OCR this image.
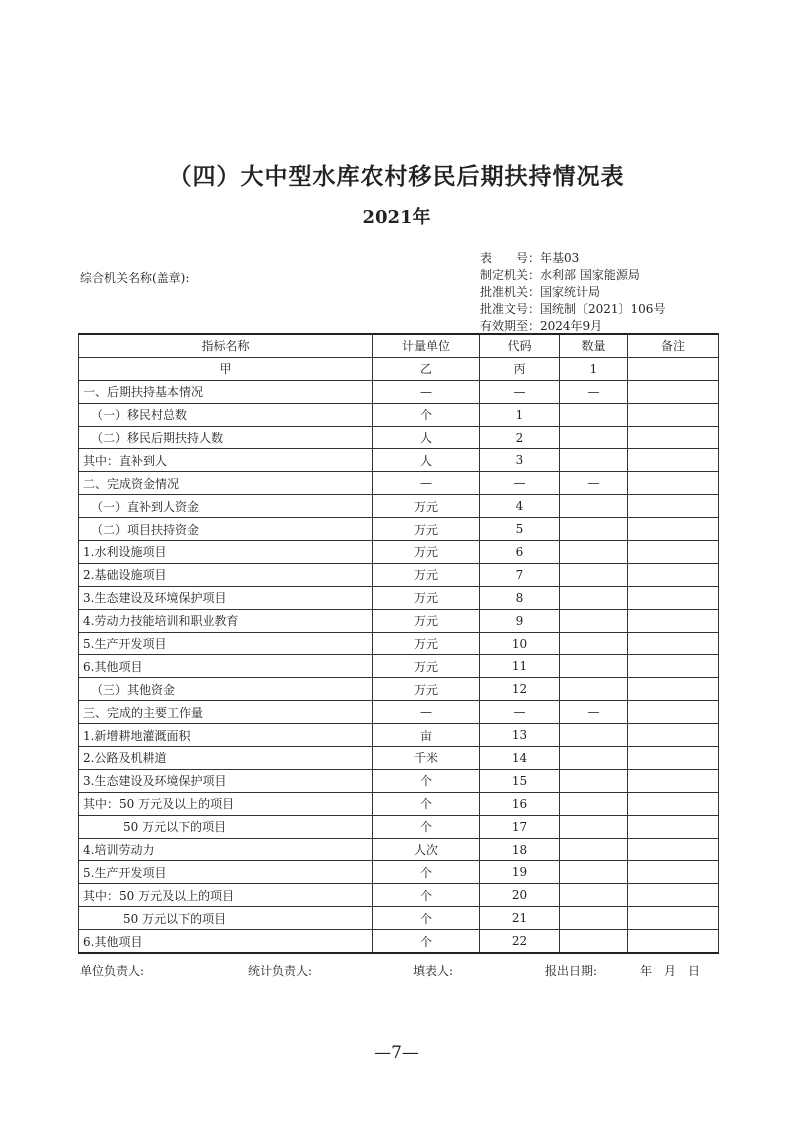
（四）大中型水库农村移民后期扶持情况表
2021年
综合机关名称(盖章):
表　　号：年基03
制定机关：水利部 国家能源局
批准机关：国家统计局
批准文号：国统制〔2021〕106号
有效期至：2024年9月
指标名称	计量单位	代码	数量	备注
甲	乙	丙	1	
一、后期扶持基本情况	—	—	—	
（一）移民村总数	个	1		
（二）移民后期扶持人数	人	2		
其中：直补到人	人	3		
二、完成资金情况	—	—	—	
（一）直补到人资金	万元	4		
（二）项目扶持资金	万元	5		
1.水利设施项目	万元	6		
2.基础设施项目	万元	7		
3.生态建设及环境保护项目	万元	8		
4.劳动力技能培训和职业教育	万元	9		
5.生产开发项目	万元	10		
6.其他项目	万元	11		
（三）其他资金	万元	12		
三、完成的主要工作量	—	—	—	
1.新增耕地灌溉面积	亩	13		
2.公路及机耕道	千米	14		
3.生态建设及环境保护项目	个	15		
其中：50 万元及以上的项目	个	16		
50 万元以下的项目	个	17		
4.培训劳动力	人次	18		
5.生产开发项目	个	19		
其中：50 万元及以上的项目	个	20		
50 万元以下的项目	个	21		
6.其他项目	个	22		
单位负责人:	统计负责人:	填表人:	报出日期:	年　月　日
—7—
